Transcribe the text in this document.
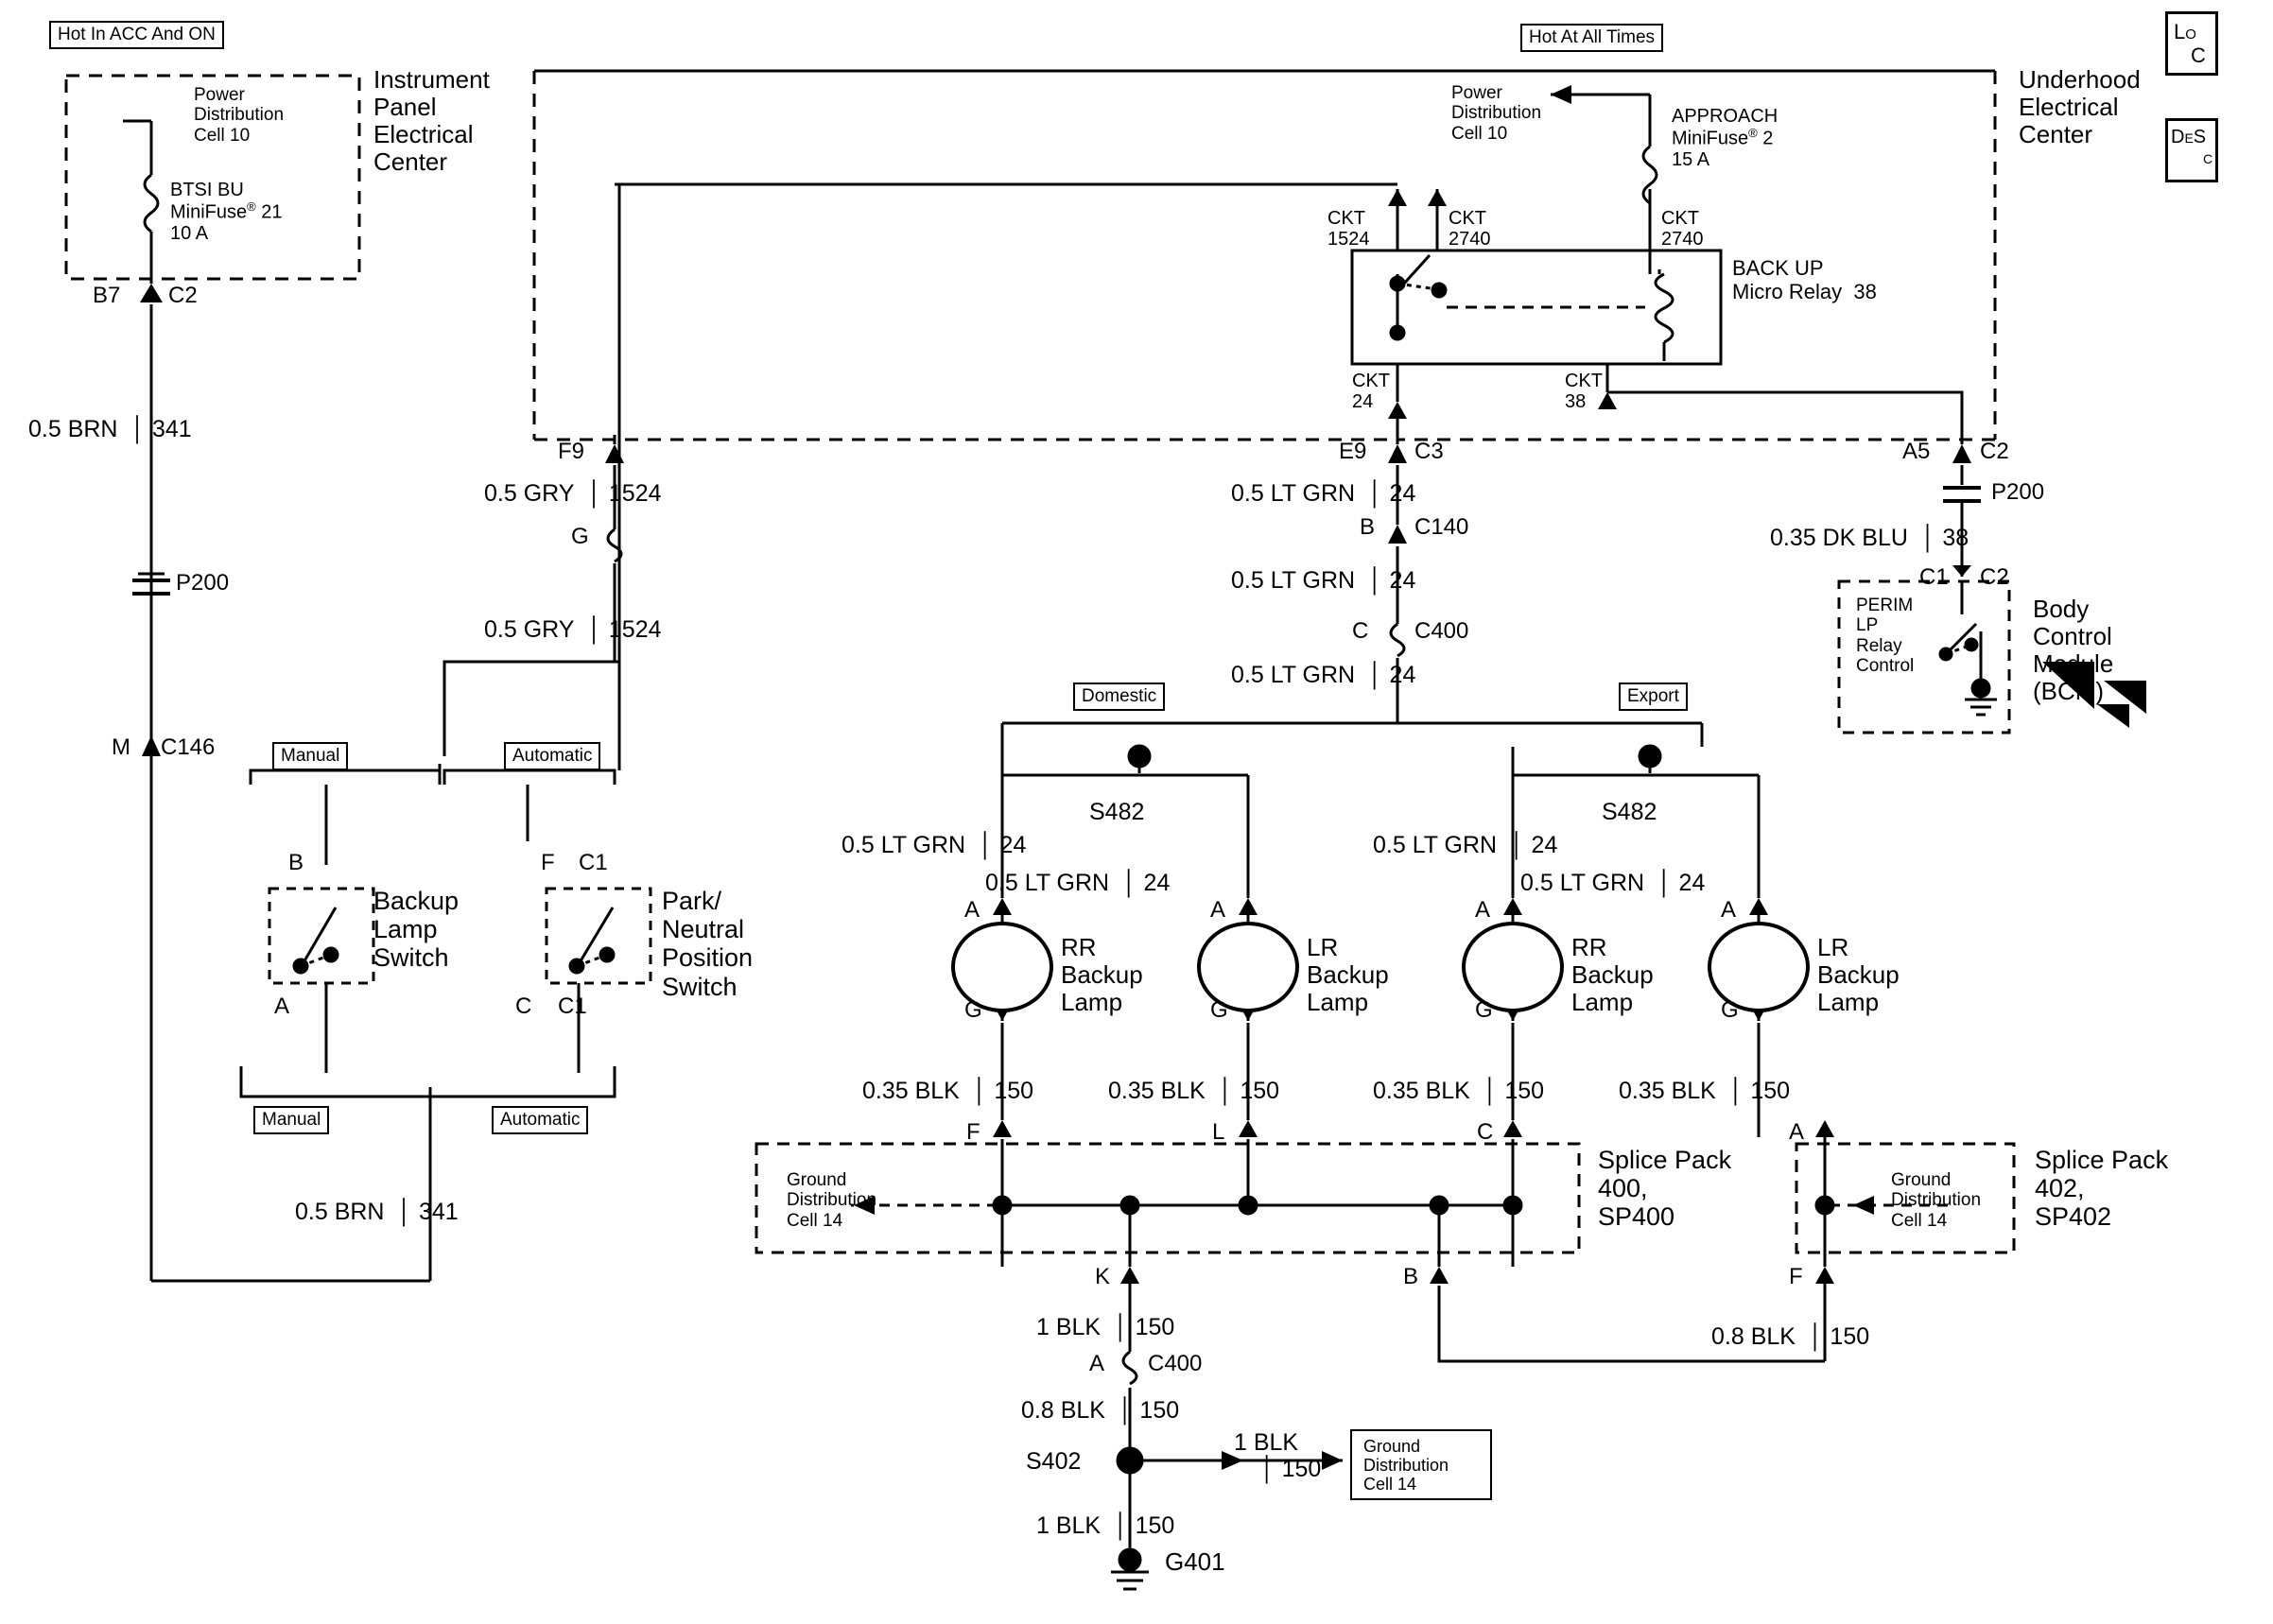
Hot In ACC And ON	Hot At All Times	LO
C
DES
C
Instrument
Panel
Electrical
Center
Underhood
Electrical
Center
Power
Distribution
Cell 10
Power
Distribution
Cell 10
BTSI BU
MiniFuse® 21
10 A
APPROACH
MiniFuse® 2
15 A
CKT
1524
CKT
2740
CKT
2740
CKT
24
CKT
38
BACK UP
Micro Relay  38
PERIM
LP
Relay
Control
Body
Control
Module
(BCM)
B7 C2
F9
G
E9 C3
B C140
C C400
A5 C2
P200
P200
M C146
C1 C2
0.5 BRN  │ 341
0.5 GRY  │ 1524
0.5 GRY  │ 1524
0.5 LT GRN  │ 24
0.5 LT GRN  │ 24
0.5 LT GRN  │ 24
0.35 DK BLU  │ 38
0.5 LT GRN  │ 24
0.5 LT GRN  │ 24
0.5 LT GRN  │ 24
0.5 LT GRN  │ 24
0.35 BLK  │ 150	0.35 BLK  │ 150	0.35 BLK  │ 150	0.35 BLK  │ 150
0.5 BRN  │ 341
1 BLK  │ 150
0.8 BLK  │ 150
0.8 BLK  │ 150
1 BLK
│ 150
1 BLK  │ 150
Manual	Automatic
Manual	Automatic
B
A
F C1
C C1
Backup
Lamp
Switch
Park/
Neutral
Position
Switch
Domestic	Export
S482	S482
A
G
A
G
A
G
A
G
RR
Backup
Lamp
LR
Backup
Lamp
RR
Backup
Lamp
LR
Backup
Lamp
F	L	C	A
K	B	F
Ground
Distribution
Cell 14
Splice Pack
400,
SP400
Ground
Distribution
Cell 14
Splice Pack
402,
SP402
A C400
S402
G401
Ground
Distribution
Cell 14
